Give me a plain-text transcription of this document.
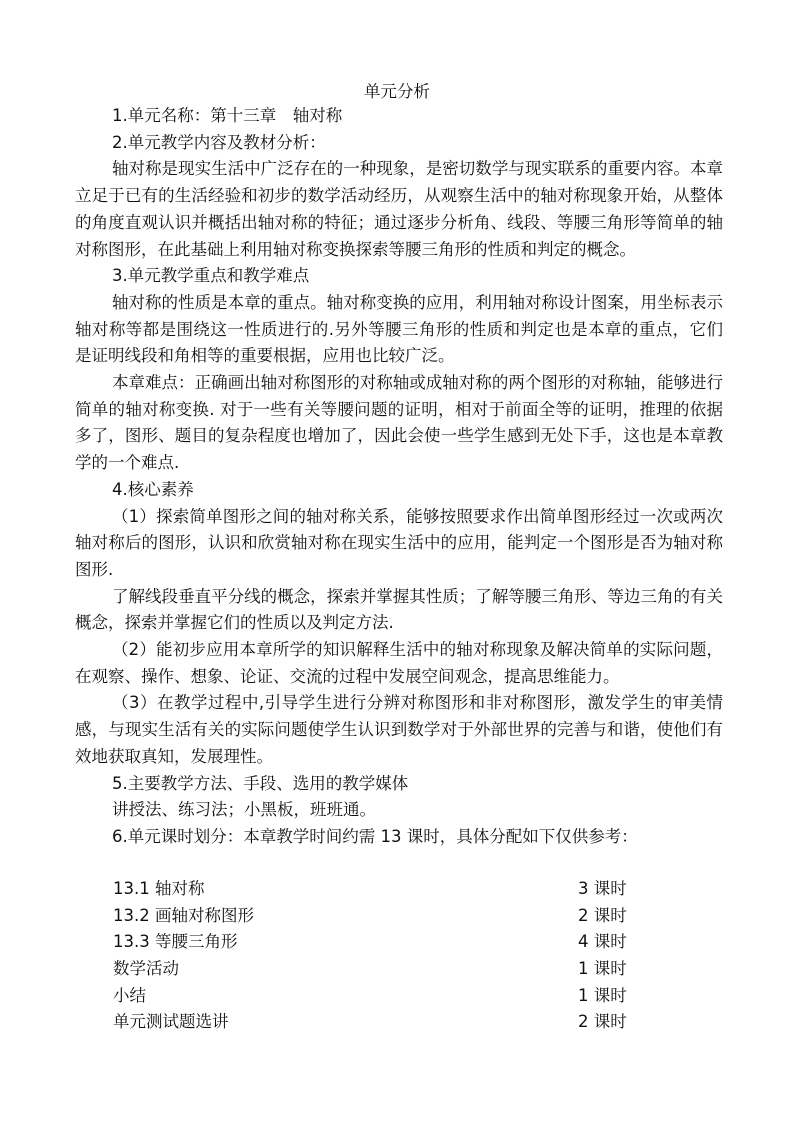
单元分析

1.单元名称：第十三章　轴对称

2.单元教学内容及教材分析：

轴对称是现实生活中广泛存在的一种现象，是密切数学与现实联系的重要内容。本章立足于已有的生活经验和初步的数学活动经历，从观察生活中的轴对称现象开始，从整体的角度直观认识并概括出轴对称的特征；通过逐步分析角、线段、等腰三角形等简单的轴对称图形，在此基础上利用轴对称变换探索等腰三角形的性质和判定的概念。

3.单元教学重点和教学难点

轴对称的性质是本章的重点。轴对称变换的应用，利用轴对称设计图案，用坐标表示轴对称等都是围绕这一性质进行的.另外等腰三角形的性质和判定也是本章的重点，它们是证明线段和角相等的重要根据，应用也比较广泛。

本章难点：正确画出轴对称图形的对称轴或成轴对称的两个图形的对称轴，能够进行简单的轴对称变换. 对于一些有关等腰问题的证明，相对于前面全等的证明，推理的依据多了，图形、题目的复杂程度也增加了，因此会使一些学生感到无处下手，这也是本章教学的一个难点.

4.核心素养

（1）探索简单图形之间的轴对称关系，能够按照要求作出简单图形经过一次或两次轴对称后的图形，认识和欣赏轴对称在现实生活中的应用，能判定一个图形是否为轴对称图形.

了解线段垂直平分线的概念，探索并掌握其性质；了解等腰三角形、等边三角的有关概念，探索并掌握它们的性质以及判定方法.

（2）能初步应用本章所学的知识解释生活中的轴对称现象及解决简单的实际问题，在观察、操作、想象、论证、交流的过程中发展空间观念，提高思维能力。

（3）在教学过程中,引导学生进行分辨对称图形和非对称图形，激发学生的审美情感，与现实生活有关的实际问题使学生认识到数学对于外部世界的完善与和谐，使他们有效地获取真知，发展理性。

5.主要教学方法、手段、选用的教学媒体

讲授法、练习法；小黑板，班班通。

6.单元课时划分：本章教学时间约需 13 课时，具体分配如下仅供参考：

13.1 轴对称	3 课时
13.2 画轴对称图形	2 课时
13.3 等腰三角形	4 课时
数学活动	1 课时
小结	1 课时
单元测试题选讲	2 课时
